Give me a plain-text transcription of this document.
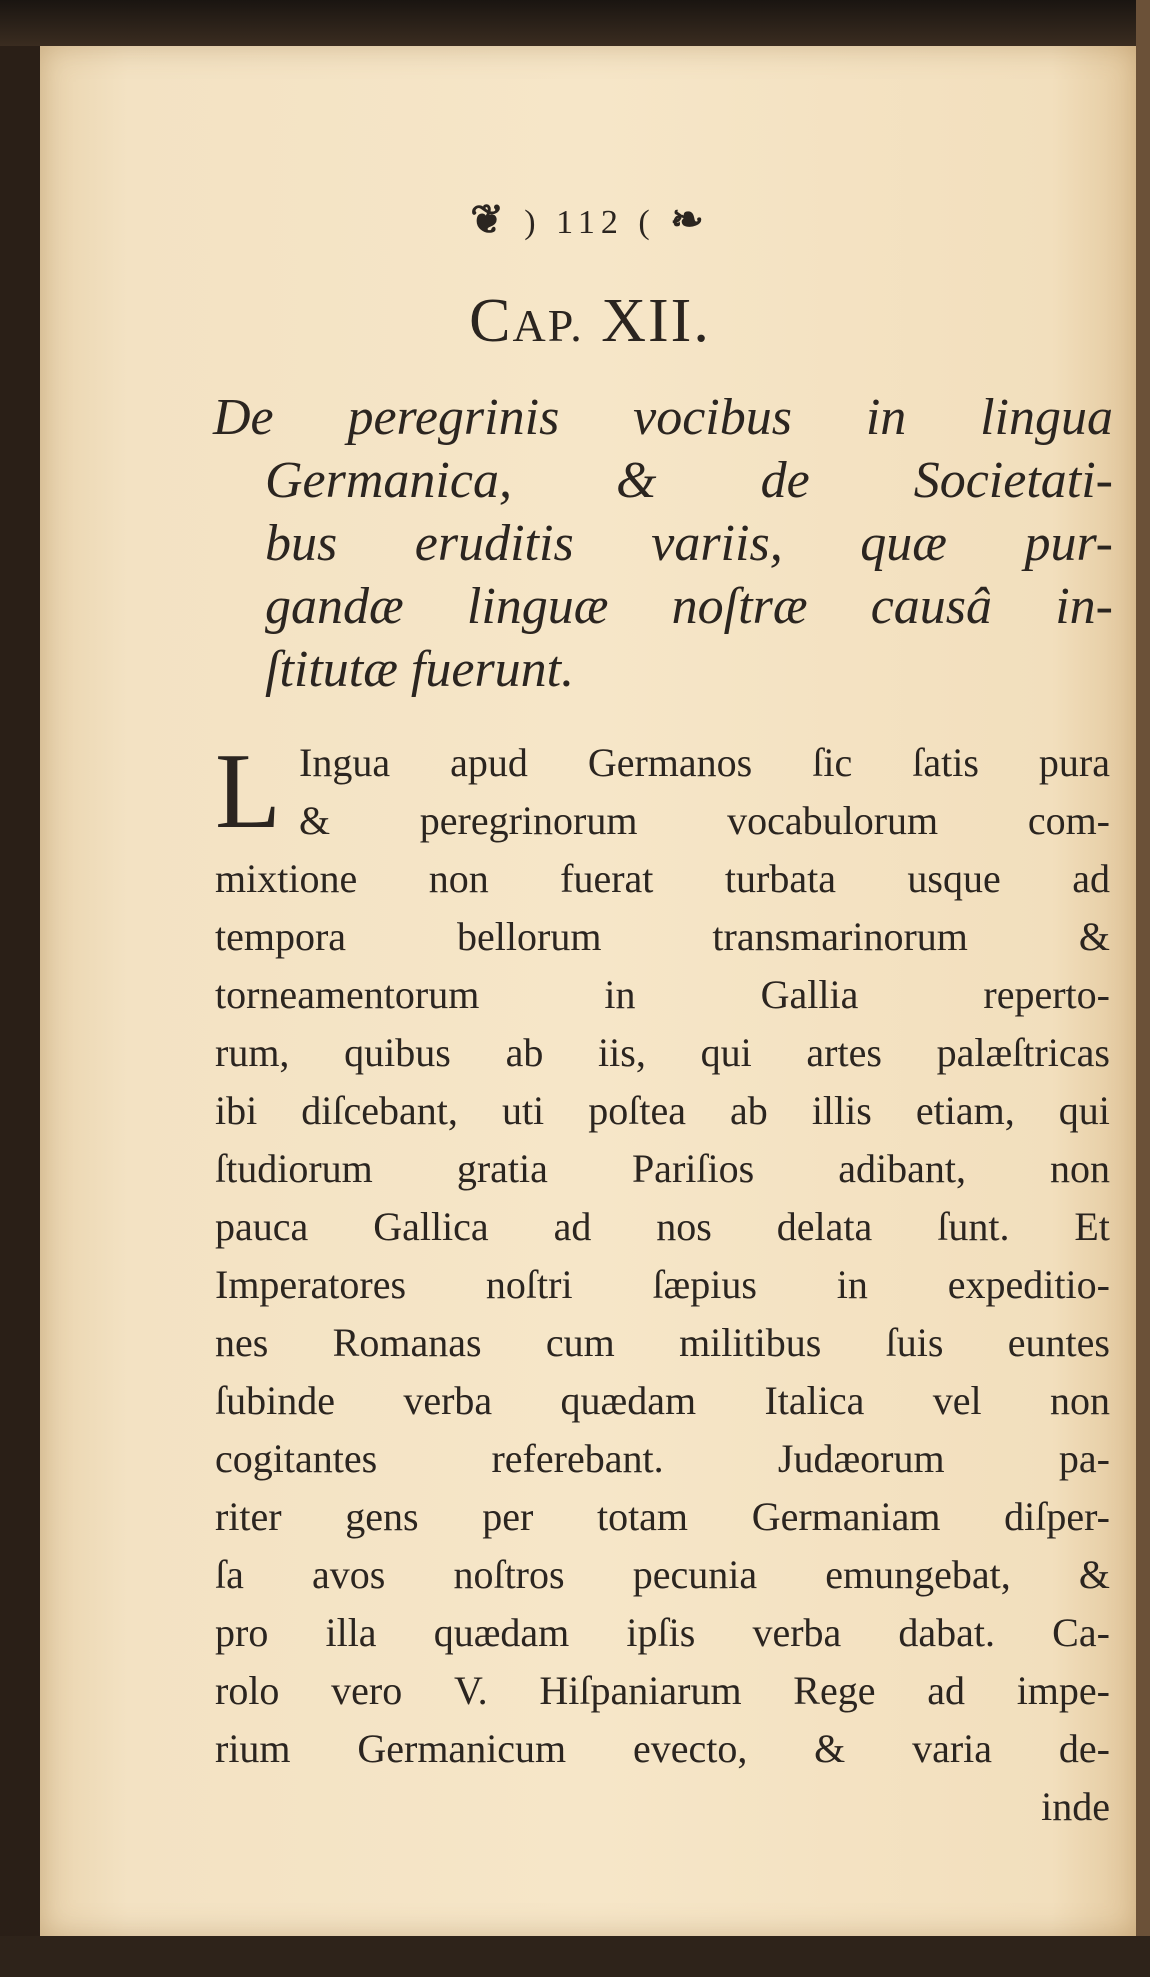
❦ ) 112 ( ❧
CAP. XII.
De peregrinis vocibus in lingua
Germanica, & de Societati-
bus eruditis variis, quæ pur-
gandæ linguæ noſtræ causâ in-
ſtitutæ fuerunt.
L Ingua apud Germanos ſic ſatis pura
& peregrinorum vocabulorum com-
mixtione non fuerat turbata usque ad
tempora	bellorum	transmarinorum	&
torneamentorum	in	Gallia	reperto-
rum, quibus ab iis, qui artes palæſtricas
ibi diſcebant, uti poſtea ab illis etiam, qui
ſtudiorum gratia Pariſios adibant, non
pauca Gallica ad nos delata ſunt. Et
Imperatores noſtri ſæpius in expeditio-
nes Romanas cum militibus ſuis euntes
ſubinde verba quædam Italica vel non
cogitantes	referebant.	Judæorum	pa-
riter gens per totam Germaniam diſper-
ſa avos noſtros pecunia emungebat, &
pro illa quædam ipſis verba dabat. Ca-
rolo vero V. Hiſpaniarum Rege ad impe-
rium Germanicum evecto, & varia de-
inde
